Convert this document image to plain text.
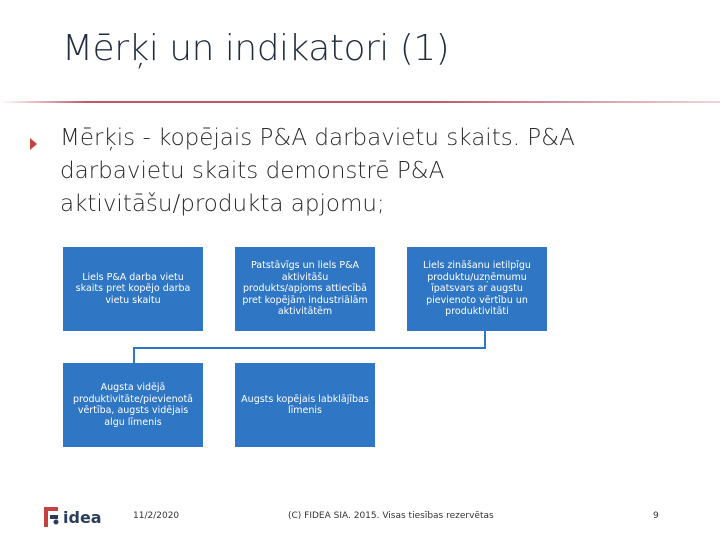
Mērķi un indikatori (1)
Mērķis - kopējais P&A darbavietu skaits. P&A darbavietu skaits demonstrē P&A aktivitāšu/produkta apjomu;
Liels P&A darba vietu skaits pret kopējo darba vietu skaitu
Patstāvīgs un liels P&A aktivitāšu produkts/apjoms attiecībā pret kopējām industriālām aktivitātēm
Liels zināšanu ietilpīgu produktu/uzņēmumu īpatsvars ar augstu pievienoto vērtību un produktivitāti
Augsta vidējā produktivitāte/pievienotā vērtība, augsts vidējais algu līmenis
Augsts kopējais labklājības līmenis
idea	11/2/2020	(C) FIDEA SIA. 2015. Visas tiesības rezervētas	9
